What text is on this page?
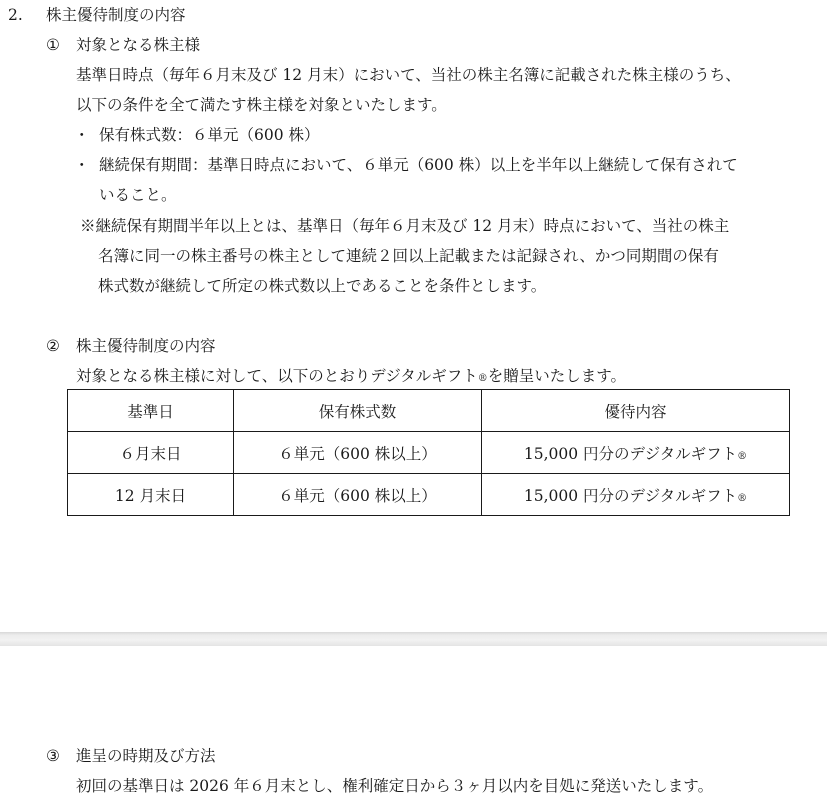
2. 株主優待制度の内容
① 対象となる株主様
基準日時点（毎年６月末及び 12 月末）において、当社の株主名簿に記載された株主様のうち、
以下の条件を全て満たす株主様を対象といたします。
・ 保有株式数：６単元（600 株）
・ 継続保有期間：基準日時点において、６単元（600 株）以上を半年以上継続して保有されて
いること。
※継続保有期間半年以上とは、基準日（毎年６月末及び 12 月末）時点において、当社の株主
名簿に同一の株主番号の株主として連続２回以上記載または記録され、かつ同期間の保有
株式数が継続して所定の株式数以上であることを条件とします。
② 株主優待制度の内容
対象となる株主様に対して、以下のとおりデジタルギフト®を贈呈いたします。
基準日	保有株式数	優待内容
６月末日	６単元（600 株以上）	15,000 円分のデジタルギフト®
12 月末日	６単元（600 株以上）	15,000 円分のデジタルギフト®
③ 進呈の時期及び方法
初回の基準日は 2026 年６月末とし、権利確定日から３ヶ月以内を目処に発送いたします。
